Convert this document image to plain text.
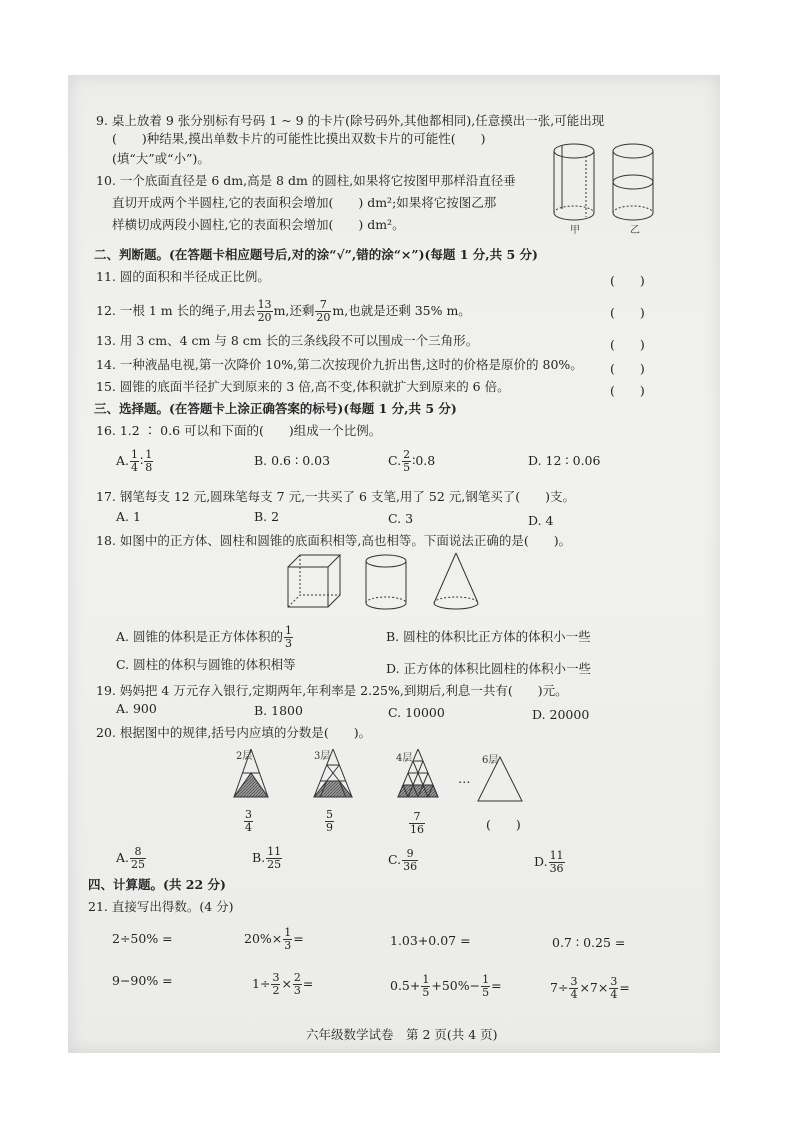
9. 桌上放着 9 张分别标有号码 1 ~ 9 的卡片(除号码外,其他都相同),任意摸出一张,可能出现
(　　)种结果,摸出单数卡片的可能性比摸出双数卡片的可能性(　　)
(填“大”或“小”)。
10. 一个底面直径是 6 dm,高是 8 dm 的圆柱,如果将它按图甲那样沿直径垂
直切开成两个半圆柱,它的表面积会增加(　　) dm²;如果将它按图乙那
样横切成两段小圆柱,它的表面积会增加(　　) dm²。	甲	乙
二、判断题。(在答题卡相应题号后,对的涂“√”,错的涂“×”)(每题 1 分,共 5 分)
11. 圆的面积和半径成正比例。	(　　)
12. 一根 1 m 长的绳子,用去 $\frac{13}{20} m$,还剩 $\frac{7}{20} m$,也就是还剩 35% m。	(　　)
13. 用 3 cm、4 cm 与 8 cm 长的三条线段不可以围成一个三角形。	(　　)
14. 一种液晶电视,第一次降价 10%,第二次按现价九折出售,这时的价格是原价的 80%。 (　　)
15. 圆锥的底面半径扩大到原来的 3 倍,高不变,体积就扩大到原来的 6 倍。	(　　)
三、选择题。(在答题卡上涂正确答案的标号)(每题 1 分,共 5 分)
16. 1.2 ∶ 0.6 可以和下面的(　　)组成一个比例。
A. $\frac{1}{4}$ ∶ $\frac{1}{8}$	B. 0.6 ∶ 0.03	C. $\frac{2}{5}$ ∶0.8	D. 12 ∶ 0.06
17. 钢笔每支 12 元,圆珠笔每支 7 元,一共买了 6 支笔,用了 52 元,钢笔买了(　　)支。
A. 1	B. 2	C. 3	D. 4
18. 如图中的正方体、圆柱和圆锥的底面积相等,高也相等。下面说法正确的是(　　)。
A. 圆锥的体积是正方体体积的 $\frac{1}{3}$	B. 圆柱的体积比正方体的体积小一些
C. 圆柱的体积与圆锥的体积相等	D. 正方体的体积比圆柱的体积小一些
19. 妈妈把 4 万元存入银行,定期两年,年利率是 2.25%,到期后,利息一共有(　　)元。
A. 900	B. 1800	C. 10000	D. 20000
20. 根据图中的规律,括号内应填的分数是(　　)。
2层	3层	4层	6层
…
$\frac{3}{4}$	$\frac{5}{9}$	$\frac{7}{16}$	(　　)
A. $\frac{8}{25}$	B. $\frac{11}{25}$	C. $\frac{9}{36}$	D. $\frac{11}{36}$
四、计算题。(共 22 分)
21. 直接写出得数。(4 分)
2÷50% =	$20\%\times \frac{1}{3}$ =	1.03+0.07 =	0.7 ∶ 0.25 =
9−90% =	$1\div \frac{3}{2} \times \frac{2}{3}$ =	$0.5+ \frac{1}{5} +50\%- \frac{1}{5}$ =	$7\div \frac{3}{4} \times 7\times \frac{3}{4}$ =
六年级数学试卷　第 2 页(共 4 页)
